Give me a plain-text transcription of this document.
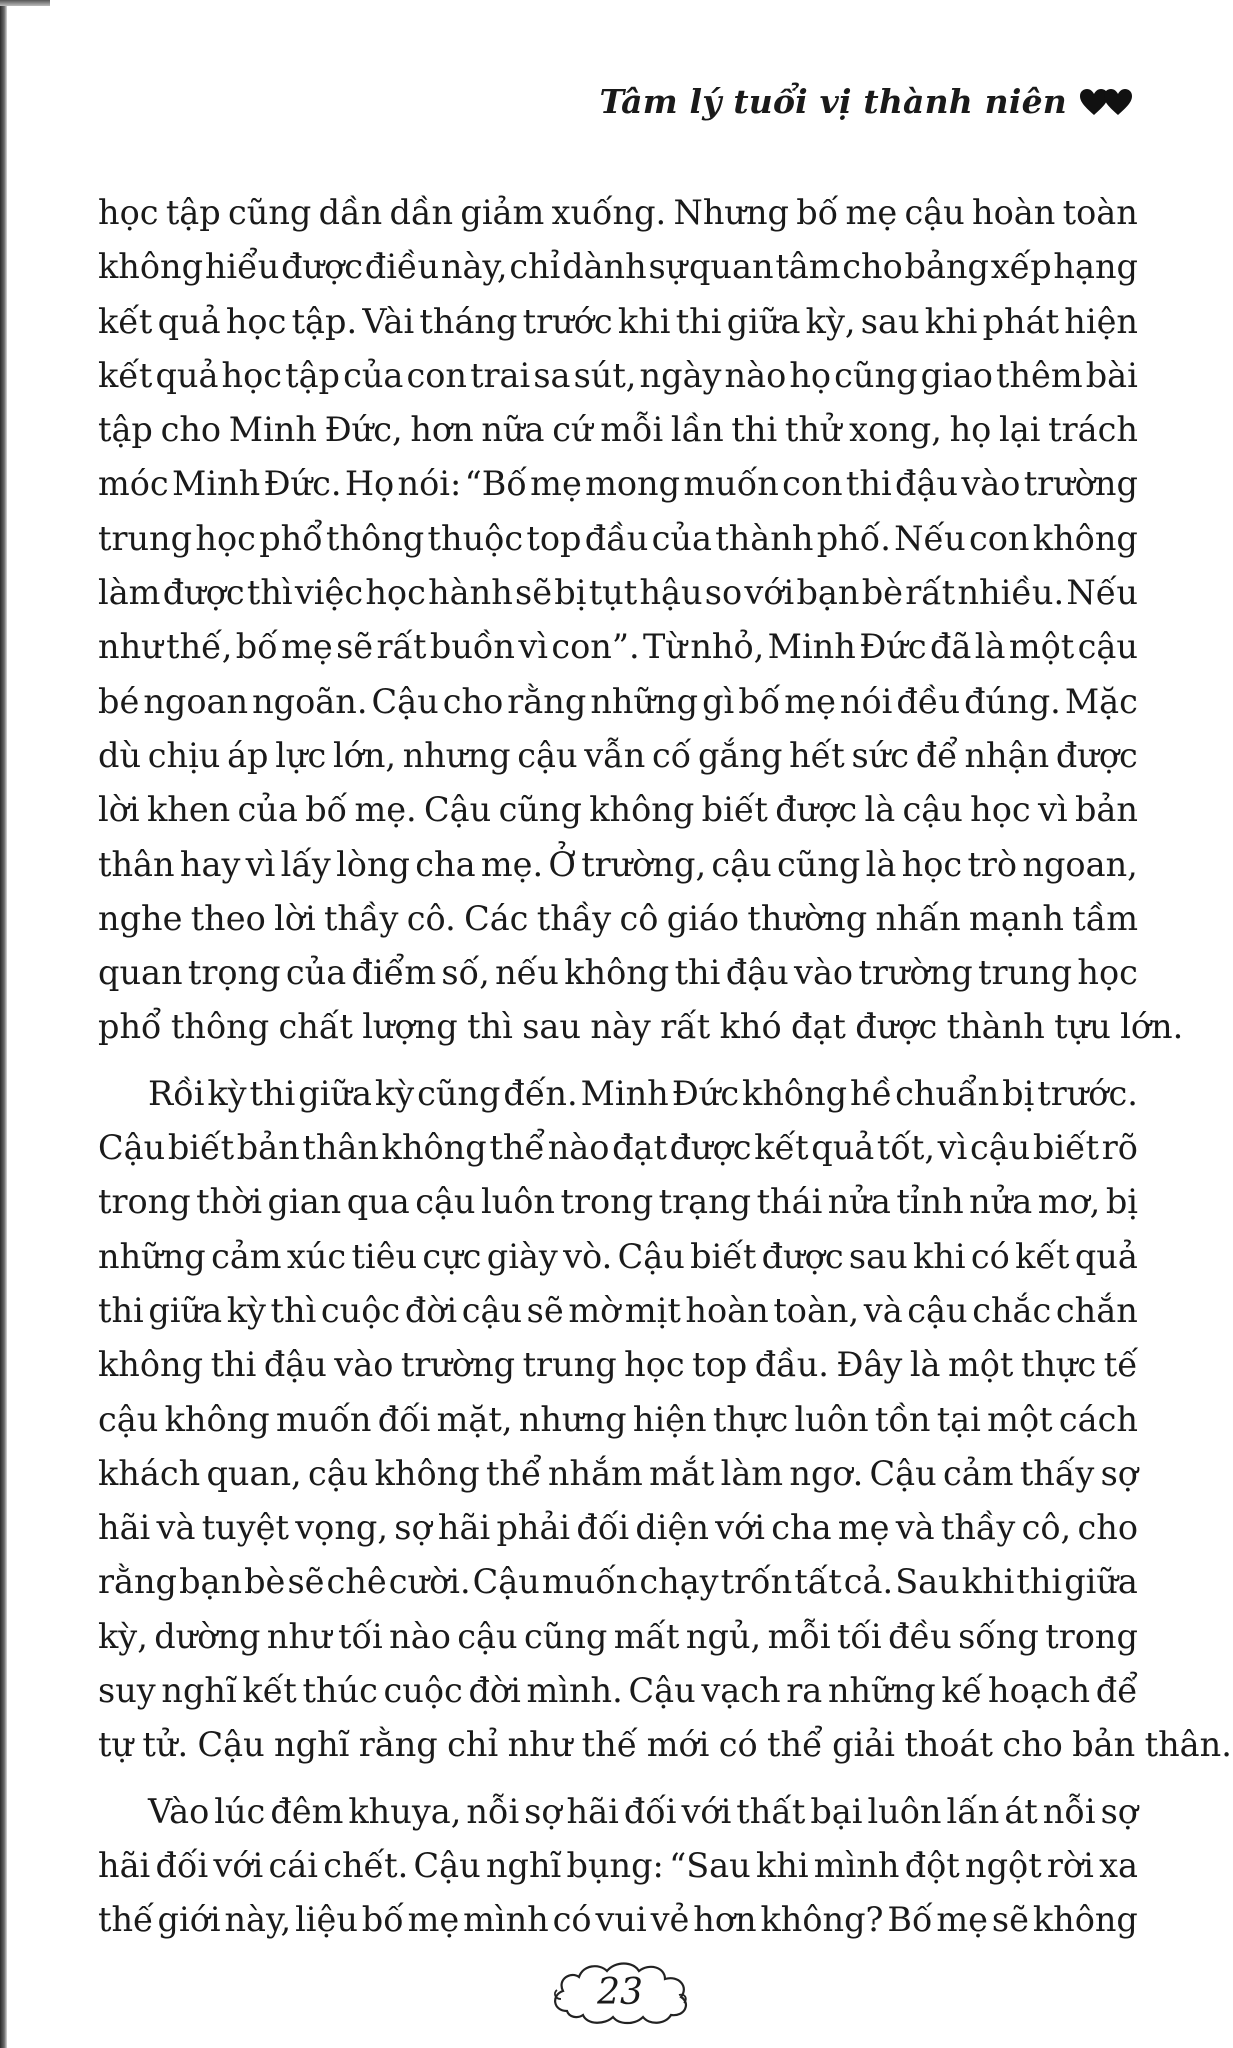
Tâm lý tuổi vị thành niên
học tập cũng dần dần giảm xuống. Nhưng bố mẹ cậu hoàn toàn
không hiểu được điều này, chỉ dành sự quan tâm cho bảng xếp hạng
kết quả học tập. Vài tháng trước khi thi giữa kỳ, sau khi phát hiện
kết quả học tập của con trai sa sút, ngày nào họ cũng giao thêm bài
tập cho Minh Đức, hơn nữa cứ mỗi lần thi thử xong, họ lại trách
móc Minh Đức. Họ nói: “Bố mẹ mong muốn con thi đậu vào trường
trung học phổ thông thuộc top đầu của thành phố. Nếu con không
làm được thì việc học hành sẽ bị tụt hậu so với bạn bè rất nhiều. Nếu
như thế, bố mẹ sẽ rất buồn vì con”. Từ nhỏ, Minh Đức đã là một cậu
bé ngoan ngoãn. Cậu cho rằng những gì bố mẹ nói đều đúng. Mặc
dù chịu áp lực lớn, nhưng cậu vẫn cố gắng hết sức để nhận được
lời khen của bố mẹ. Cậu cũng không biết được là cậu học vì bản
thân hay vì lấy lòng cha mẹ. Ở trường, cậu cũng là học trò ngoan,
nghe theo lời thầy cô. Các thầy cô giáo thường nhấn mạnh tầm
quan trọng của điểm số, nếu không thi đậu vào trường trung học
phổ thông chất lượng thì sau này rất khó đạt được thành tựu lớn.
Rồi kỳ thi giữa kỳ cũng đến. Minh Đức không hề chuẩn bị trước.
Cậu biết bản thân không thể nào đạt được kết quả tốt, vì cậu biết rõ
trong thời gian qua cậu luôn trong trạng thái nửa tỉnh nửa mơ, bị
những cảm xúc tiêu cực giày vò. Cậu biết được sau khi có kết quả
thi giữa kỳ thì cuộc đời cậu sẽ mờ mịt hoàn toàn, và cậu chắc chắn
không thi đậu vào trường trung học top đầu. Đây là một thực tế
cậu không muốn đối mặt, nhưng hiện thực luôn tồn tại một cách
khách quan, cậu không thể nhắm mắt làm ngơ. Cậu cảm thấy sợ
hãi và tuyệt vọng, sợ hãi phải đối diện với cha mẹ và thầy cô, cho
rằng bạn bè sẽ chê cười. Cậu muốn chạy trốn tất cả. Sau khi thi giữa
kỳ, dường như tối nào cậu cũng mất ngủ, mỗi tối đều sống trong
suy nghĩ kết thúc cuộc đời mình. Cậu vạch ra những kế hoạch để
tự tử. Cậu nghĩ rằng chỉ như thế mới có thể giải thoát cho bản thân.
Vào lúc đêm khuya, nỗi sợ hãi đối với thất bại luôn lấn át nỗi sợ
hãi đối với cái chết. Cậu nghĩ bụng: “Sau khi mình đột ngột rời xa
thế giới này, liệu bố mẹ mình có vui vẻ hơn không? Bố mẹ sẽ không
23
